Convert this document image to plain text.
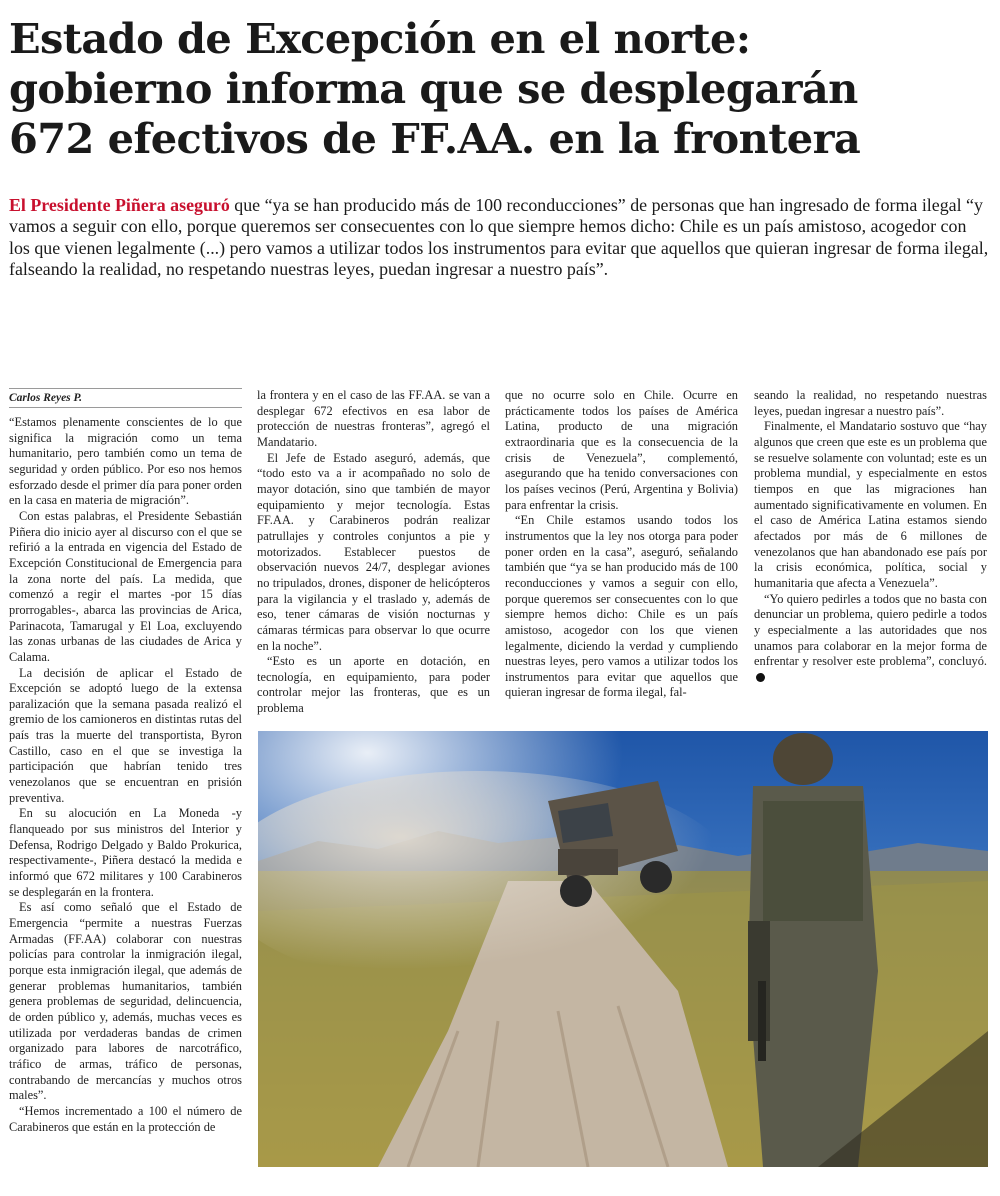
Estado de Excepción en el norte:
gobierno informa que se desplegarán
672 efectivos de FF.AA. en la frontera

El Presidente Piñera aseguró que “ya se han producido más de 100 reconducciones” de personas que han ingresado de forma ilegal “y vamos a seguir con ello, porque queremos ser consecuentes con lo que siempre hemos dicho: Chile es un país amistoso, acogedor con los que vienen legalmente (...) pero vamos a utilizar todos los instrumentos para evitar que aquellos que quieran ingresar de forma ilegal, falseando la realidad, no respetando nuestras leyes, puedan ingresar a nuestro país”.

Carlos Reyes P.

“Estamos plenamente conscientes de lo que significa la migración como un tema humanitario, pero también como un tema de seguridad y orden público. Por eso nos hemos esforzado desde el primer día para poner orden en la casa en materia de migración”.

Con estas palabras, el Presidente Sebastián Piñera dio inicio ayer al discurso con el que se refirió a la entrada en vigencia del Estado de Excepción Constitucional de Emergencia para la zona norte del país. La medida, que comenzó a regir el martes -por 15 días prorrogables-, abarca las provincias de Arica, Parinacota, Tamarugal y El Loa, excluyendo las zonas urbanas de las ciudades de Arica y Calama.

La decisión de aplicar el Estado de Excepción se adoptó luego de la extensa paralización que la semana pasada realizó el gremio de los camioneros en distintas rutas del país tras la muerte del transportista, Byron Castillo, caso en el que se investiga la participación que habrían tenido tres venezolanos que se encuentran en prisión preventiva.

En su alocución en La Moneda -y flanqueado por sus ministros del Interior y Defensa, Rodrigo Delgado y Baldo Prokurica, respectivamente-, Piñera destacó la medida e informó que 672 militares y 100 Carabineros se desplegarán en la frontera.

Es así como señaló que el Estado de Emergencia “permite a nuestras Fuerzas Armadas (FF.AA) colaborar con nuestras policías para controlar la inmigración ilegal, porque esta inmigración ilegal, que además de generar problemas humanitarios, también genera problemas de seguridad, delincuencia, de orden público y, además, muchas veces es utilizada por verdaderas bandas de crimen organizado para labores de narcotráfico, tráfico de armas, tráfico de personas, contrabando de mercancías y muchos otros males”.

“Hemos incrementado a 100 el número de Carabineros que están en la protección de

la frontera y en el caso de las FF.AA. se van a desplegar 672 efectivos en esa labor de protección de nuestras fronteras”, agregó el Mandatario.

El Jefe de Estado aseguró, además, que “todo esto va a ir acompañado no solo de mayor dotación, sino que también de mayor equipamiento y mejor tecnología. Estas FF.AA. y Carabineros podrán realizar patrullajes y controles conjuntos a pie y motorizados. Establecer puestos de observación nuevos 24/7, desplegar aviones no tripulados, drones, disponer de helicópteros para la vigilancia y el traslado y, además de eso, tener cámaras de visión nocturnas y cámaras térmicas para observar lo que ocurre en la noche”.

“Esto es un aporte en dotación, en tecnología, en equipamiento, para poder controlar mejor las fronteras, que es un problema

que no ocurre solo en Chile. Ocurre en prácticamente todos los países de América Latina, producto de una migración extraordinaria que es la consecuencia de la crisis de Venezuela”, complementó, asegurando que ha tenido conversaciones con los países vecinos (Perú, Argentina y Bolivia) para enfrentar la crisis.

“En Chile estamos usando todos los instrumentos que la ley nos otorga para poder poner orden en la casa”, aseguró, señalando también que “ya se han producido más de 100 reconducciones y vamos a seguir con ello, porque queremos ser consecuentes con lo que siempre hemos dicho: Chile es un país amistoso, acogedor con los que vienen legalmente, diciendo la verdad y cumpliendo nuestras leyes, pero vamos a utilizar todos los instrumentos para evitar que aquellos que quieran ingresar de forma ilegal, fal-

seando la realidad, no respetando nuestras leyes, puedan ingresar a nuestro país”.

Finalmente, el Mandatario sostuvo que “hay algunos que creen que este es un problema que se resuelve solamente con voluntad; este es un problema mundial, y especialmente en estos tiempos en que las migraciones han aumentado significativamente en volumen. En el caso de América Latina estamos siendo afectados por más de 6 millones de venezolanos que han abandonado ese país por la crisis económica, política, social y humanitaria que afecta a Venezuela”.

“Yo quiero pedirles a todos que no basta con denunciar un problema, quiero pedirle a todos y especialmente a las autoridades que nos unamos para colaborar en la mejor forma de enfrentar y resolver este problema”, concluyó.
